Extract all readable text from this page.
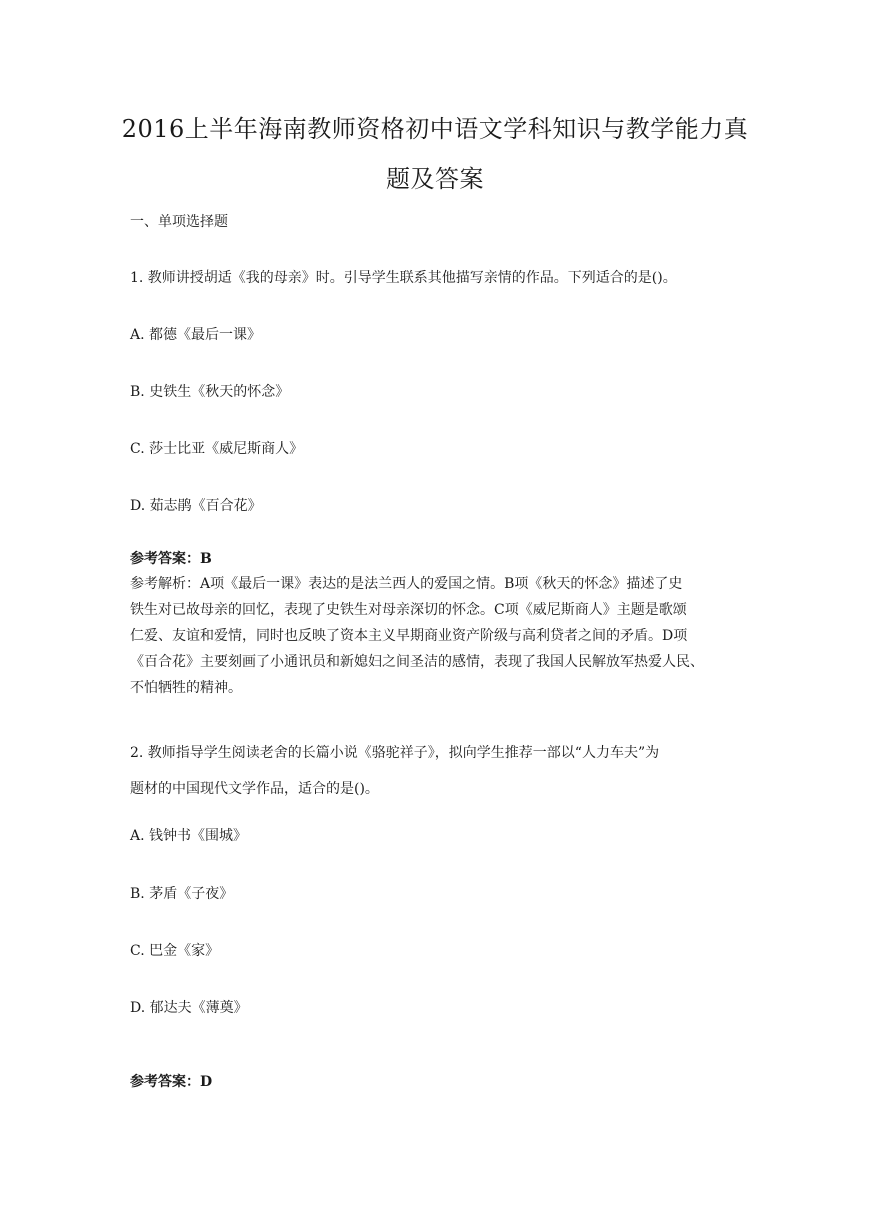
2016上半年海南教师资格初中语文学科知识与教学能力真
题及答案
一、单项选择题
1. 教师讲授胡适《我的母亲》时。引导学生联系其他描写亲情的作品。下列适合的是()。
A. 都德《最后一课》
B. 史铁生《秋天的怀念》
C. 莎士比亚《威尼斯商人》
D. 茹志鹃《百合花》
参考答案：B
参考解析：A项《最后一课》表达的是法兰西人的爱国之情。B项《秋天的怀念》描述了史
铁生对已故母亲的回忆，表现了史铁生对母亲深切的怀念。C项《威尼斯商人》主题是歌颂
仁爱、友谊和爱情，同时也反映了资本主义早期商业资产阶级与高利贷者之间的矛盾。D项
《百合花》主要刻画了小通讯员和新媳妇之间圣洁的感情，表现了我国人民解放军热爱人民、
不怕牺牲的精神。
2. 教师指导学生阅读老舍的长篇小说《骆驼祥子》，拟向学生推荐一部以“人力车夫”为
题材的中国现代文学作品，适合的是()。
A. 钱钟书《围城》
B. 茅盾《子夜》
C. 巴金《家》
D. 郁达夫《薄奠》
参考答案：D
